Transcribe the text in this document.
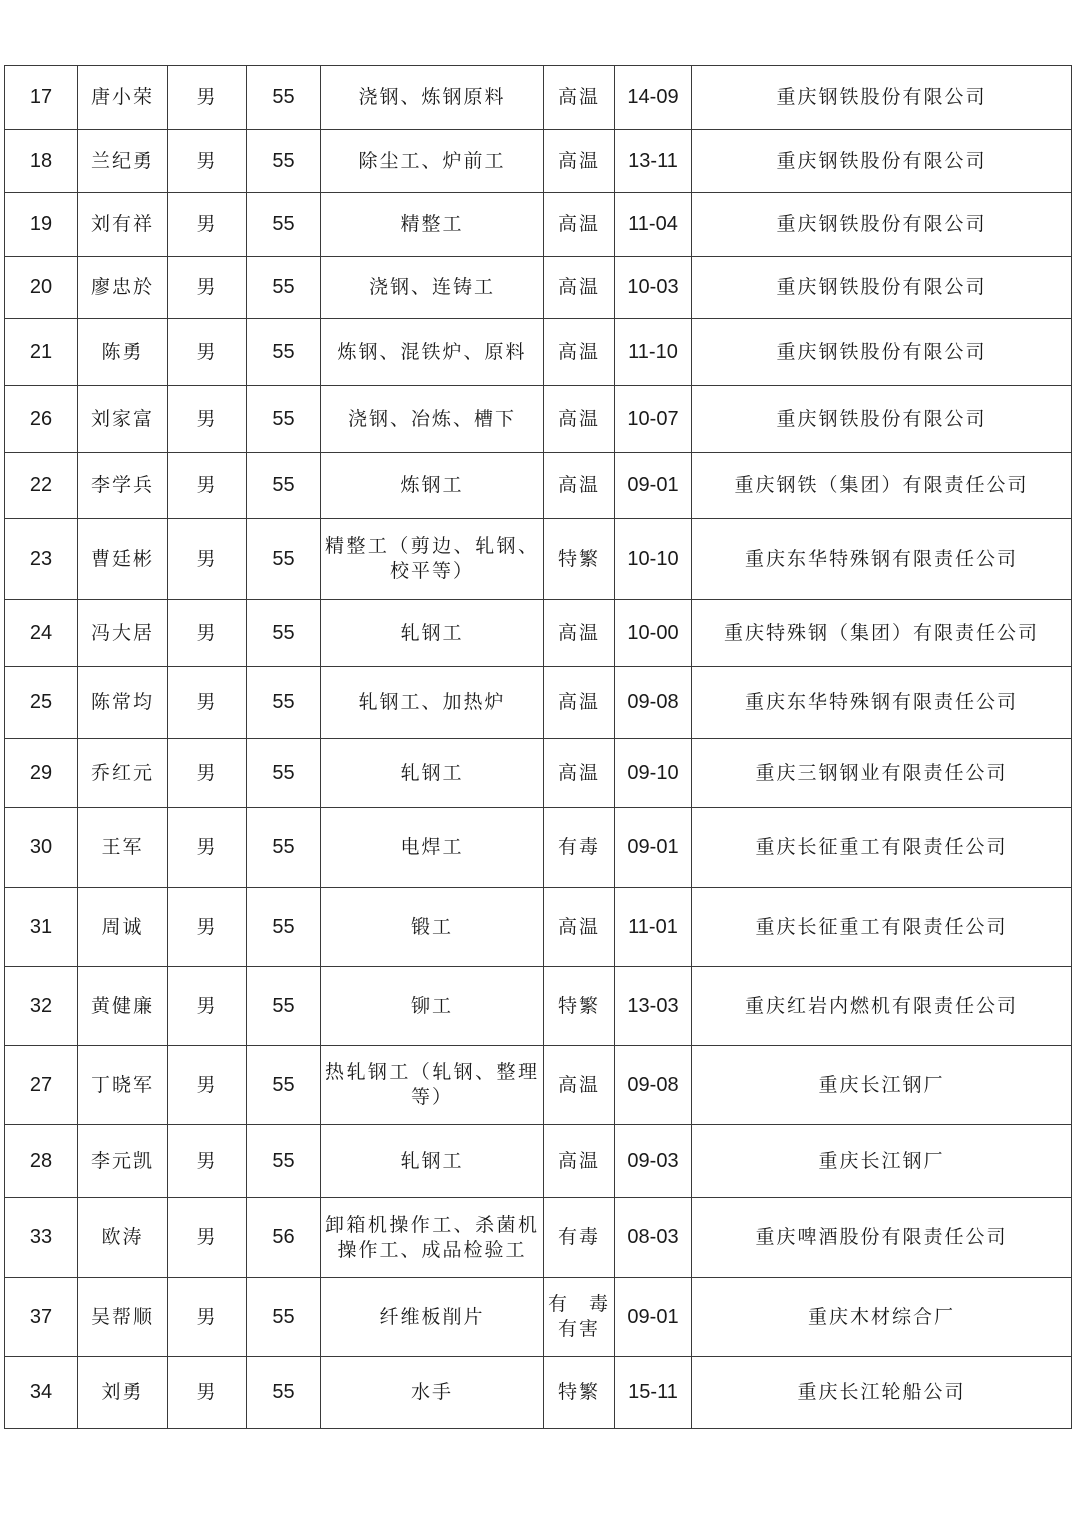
17	唐小荣	男	55	浇钢、炼钢原料	高温	14-09	重庆钢铁股份有限公司
18	兰纪勇	男	55	除尘工、炉前工	高温	13-11	重庆钢铁股份有限公司
19	刘有祥	男	55	精整工	高温	11-04	重庆钢铁股份有限公司
20	廖忠於	男	55	浇钢、连铸工	高温	10-03	重庆钢铁股份有限公司
21	陈勇	男	55	炼钢、混铁炉、原料	高温	11-10	重庆钢铁股份有限公司
26	刘家富	男	55	浇钢、冶炼、槽下	高温	10-07	重庆钢铁股份有限公司
22	李学兵	男	55	炼钢工	高温	09-01	重庆钢铁（集团）有限责任公司
23	曹廷彬	男	55	精整工（剪边、轧钢、校平等）	特繁	10-10	重庆东华特殊钢有限责任公司
24	冯大居	男	55	轧钢工	高温	10-00	重庆特殊钢（集团）有限责任公司
25	陈常均	男	55	轧钢工、加热炉	高温	09-08	重庆东华特殊钢有限责任公司
29	乔红元	男	55	轧钢工	高温	09-10	重庆三钢钢业有限责任公司
30	王军	男	55	电焊工	有毒	09-01	重庆长征重工有限责任公司
31	周诚	男	55	锻工	高温	11-01	重庆长征重工有限责任公司
32	黄健廉	男	55	铆工	特繁	13-03	重庆红岩内燃机有限责任公司
27	丁晓军	男	55	热轧钢工（轧钢、整理等）	高温	09-08	重庆长江钢厂
28	李元凯	男	55	轧钢工	高温	09-03	重庆长江钢厂
33	欧涛	男	56	卸箱机操作工、杀菌机操作工、成品检验工	有毒	08-03	重庆啤酒股份有限责任公司
37	吴帮顺	男	55	纤维板削片	有毒有害	09-01	重庆木材综合厂
34	刘勇	男	55	水手	特繁	15-11	重庆长江轮船公司
